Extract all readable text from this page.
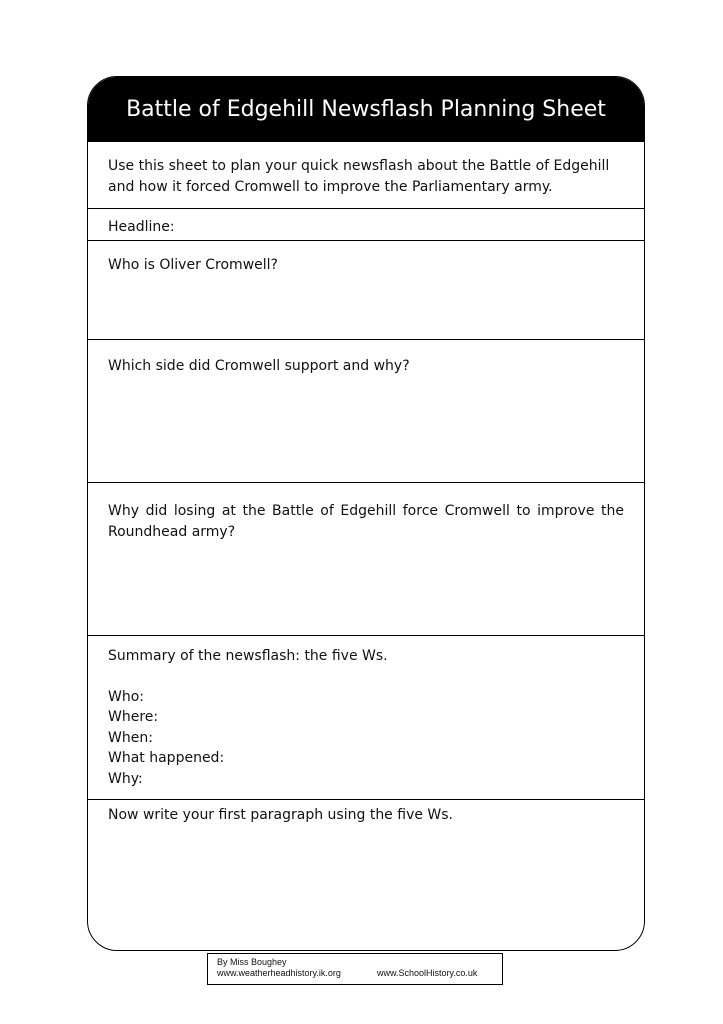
Battle of Edgehill Newsflash Planning Sheet
Use this sheet to plan your quick newsflash about the Battle of Edgehill and how it forced Cromwell to improve the Parliamentary army.
Headline:
Who is Oliver Cromwell?
Which side did Cromwell support and why?
Why did losing at the Battle of Edgehill force Cromwell to improve the Roundhead army?
Summary of the newsflash: the five Ws.
Who:
Where:
When:
What happened:
Why:
Now write your first paragraph using the five Ws.
By Miss Boughey
www.weatherheadhistory.ik.org	www.SchoolHistory.co.uk
